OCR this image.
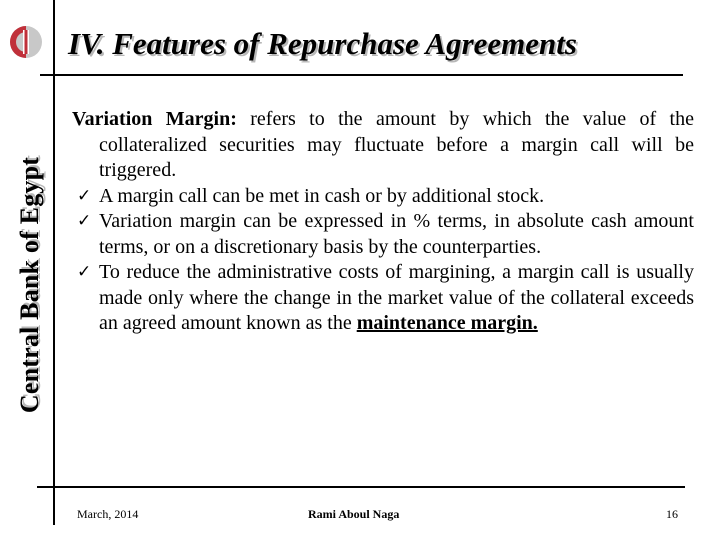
Central Bank of Egypt
IV. Features of Repurchase Agreements

Variation Margin: refers to the amount by which the value of the collateralized securities may fluctuate before a margin call will be triggered.

✓ A margin call can be met in cash or by additional stock.
✓ Variation margin can be expressed in % terms, in absolute cash amount terms, or on a discretionary basis by the counterparties.
✓ To reduce the administrative costs of margining, a margin call is usually made only where the change in the market value of the collateral exceeds an agreed amount known as the maintenance margin.
March, 2014	Rami Aboul Naga	16
